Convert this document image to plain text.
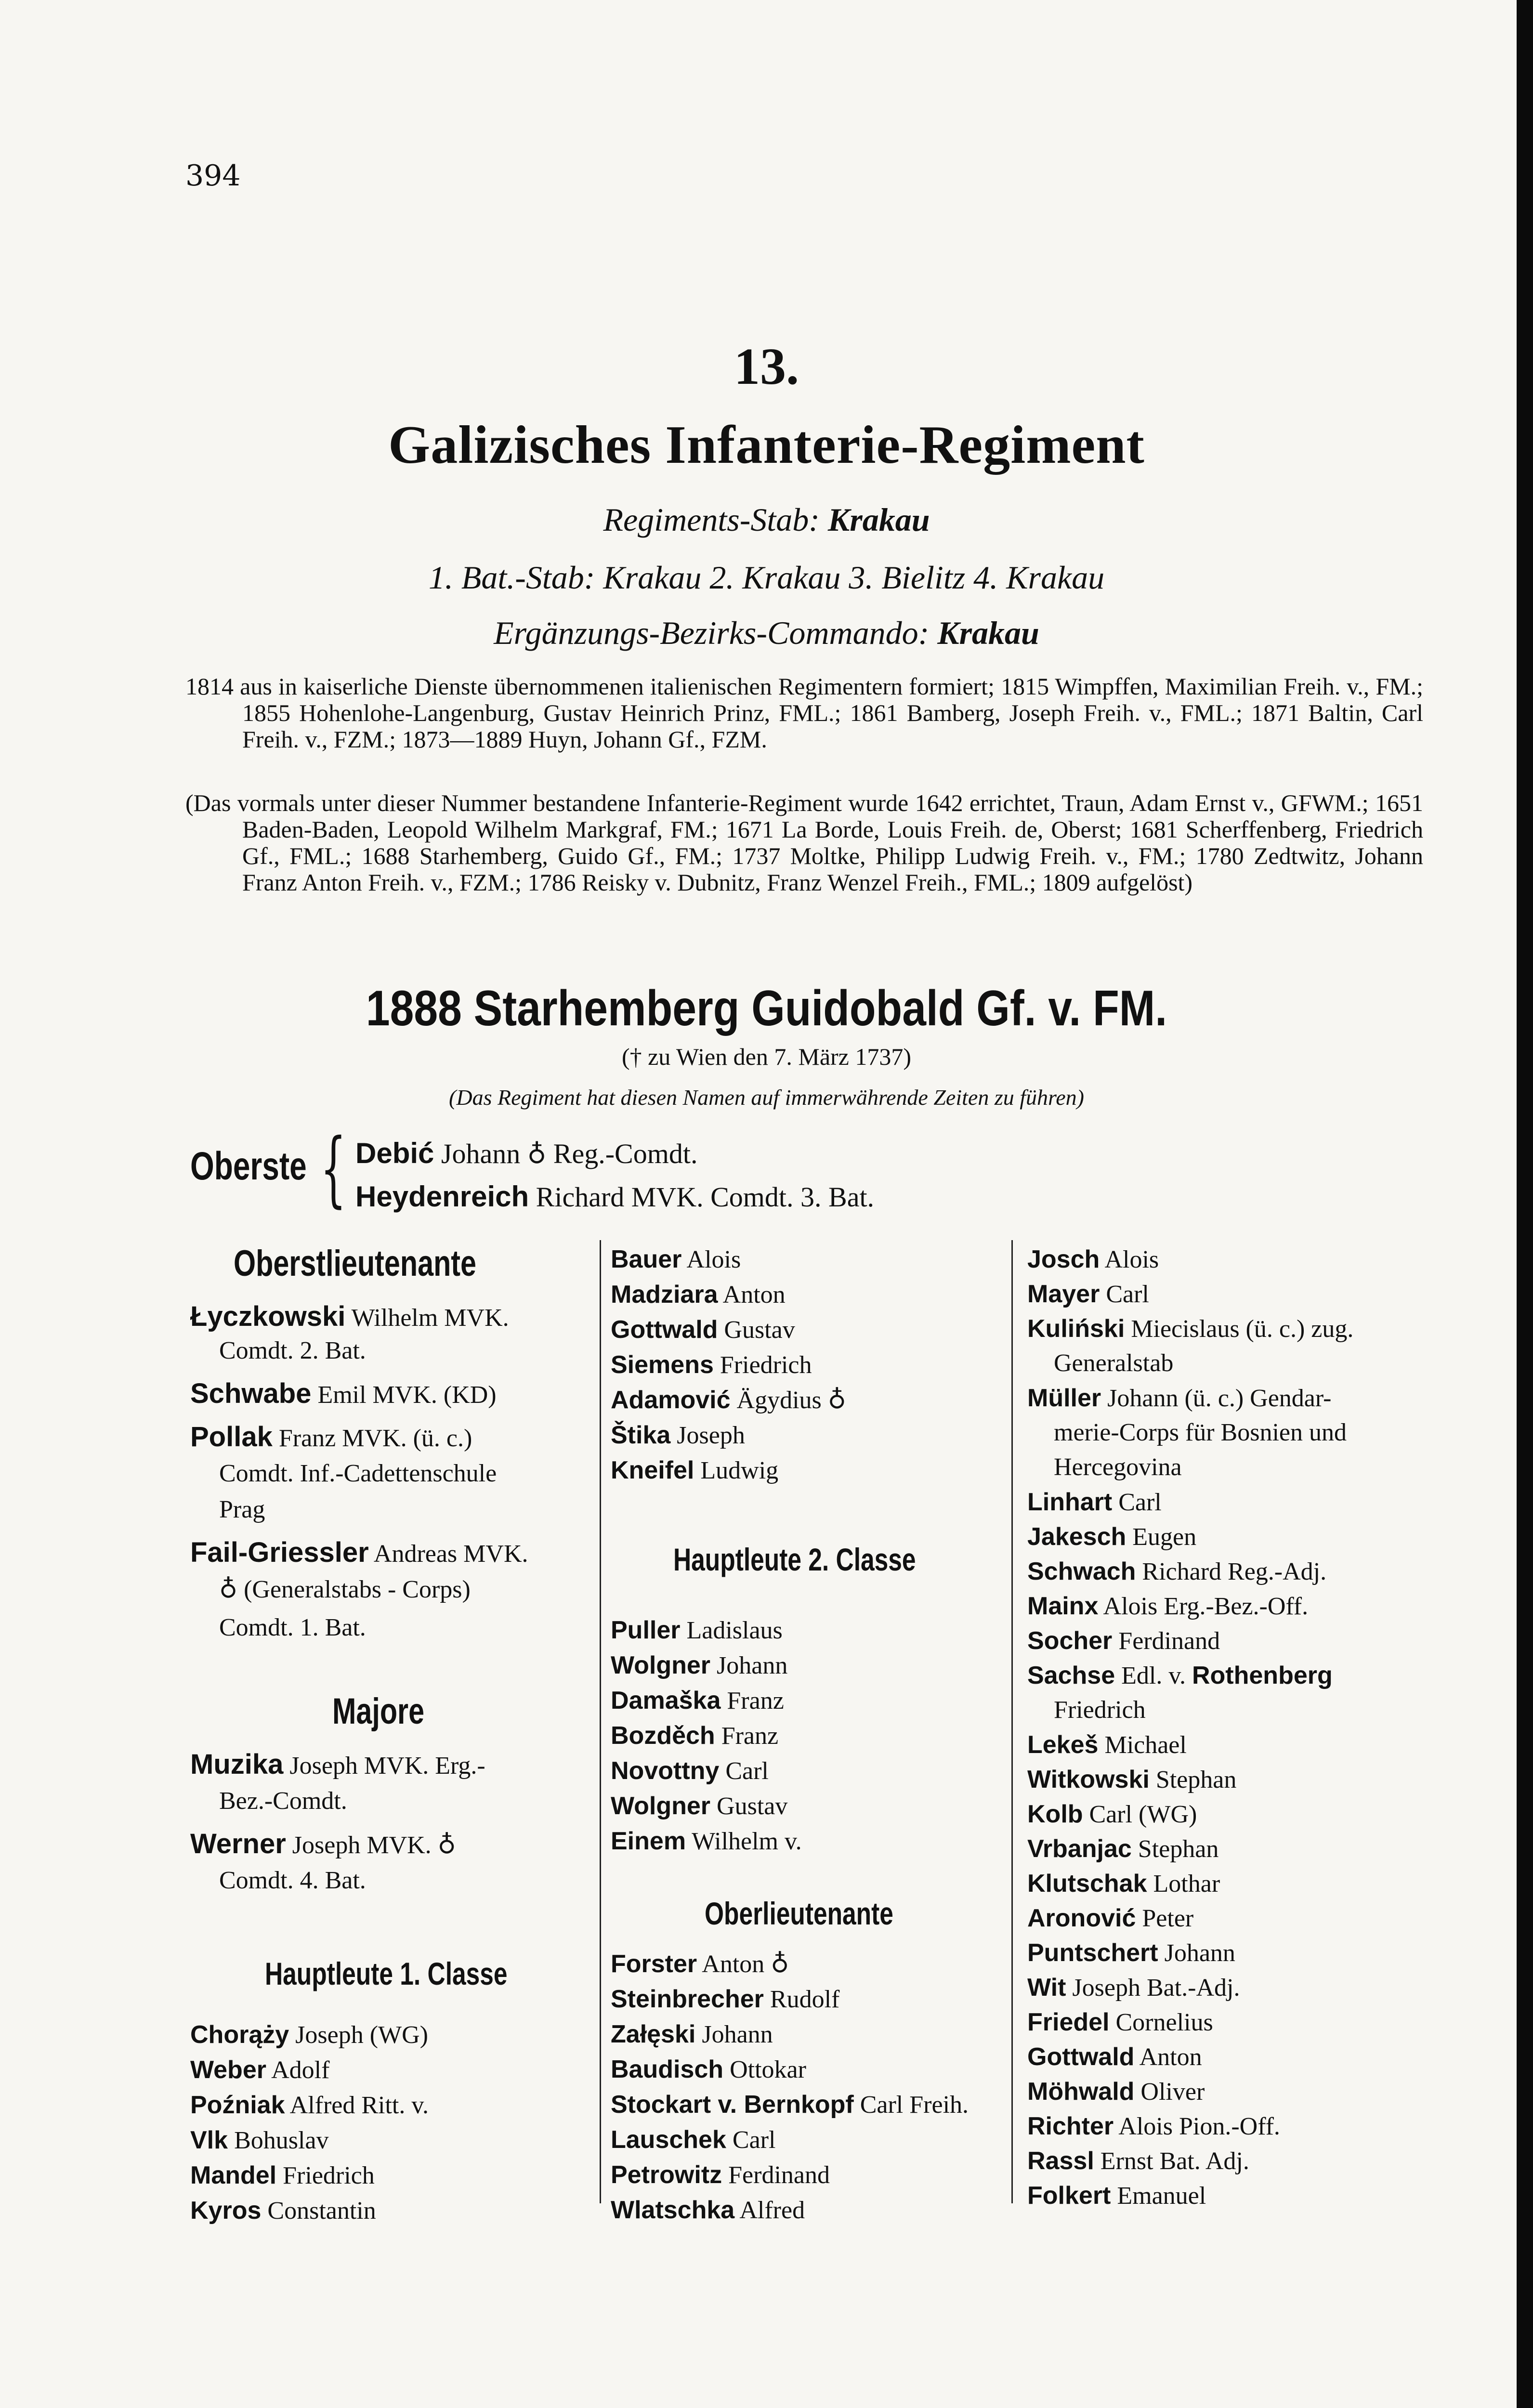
394
13.
Galizisches Infanterie-Regiment
Regiments-Stab: Krakau
1. Bat.-Stab: Krakau 2. Krakau 3. Bielitz 4. Krakau
Ergänzungs-Bezirks-Commando: Krakau

1814 aus in kaiserliche Dienste übernommenen italienischen Regimentern formiert; 1815 Wimpffen, Maximilian Freih. v., FM.; 1855 Hohenlohe-Langenburg, Gustav Heinrich Prinz, FML.; 1861 Bamberg, Joseph Freih. v., FML.; 1871 Baltin, Carl Freih. v., FZM.; 1873—1889 Huyn, Johann Gf., FZM.

(Das vormals unter dieser Nummer bestandene Infanterie-Regiment wurde 1642 errichtet, Traun, Adam Ernst v., GFWM.; 1651 Baden-Baden, Leopold Wilhelm Markgraf, FM.; 1671 La Borde, Louis Freih. de, Oberst; 1681 Scherffenberg, Friedrich Gf., FML.; 1688 Starhemberg, Guido Gf., FM.; 1737 Moltke, Philipp Ludwig Freih. v., FM.; 1780 Zedtwitz, Johann Franz Anton Freih. v., FZM.; 1786 Reisky v. Dubnitz, Franz Wenzel Freih., FML.; 1809 aufgelöst)

1888 Starhemberg Guidobald Gf. v. FM.
(† zu Wien den 7. März 1737)
(Das Regiment hat diesen Namen auf immerwährende Zeiten zu führen)
Oberste { Debić Johann ♁ Reg.-Comdt.
Heydenreich Richard MVK. Comdt. 3. Bat.
Oberstlieutenante
Łyczkowski Wilhelm MVK.
Comdt. 2. Bat.
Schwabe Emil MVK. (KD)
Pollak Franz MVK. (ü. c.)
Comdt. Inf.-Cadettenschule
Prag
Fail-Griessler Andreas MVK.
♁ (Generalstabs - Corps)
Comdt. 1. Bat.
Majore
Muzika Joseph MVK. Erg.-
Bez.-Comdt.
Werner Joseph MVK. ♁
Comdt. 4. Bat.
Hauptleute 1. Classe
Chorąży Joseph (WG)
Weber Adolf
Poźniak Alfred Ritt. v.
Vlk Bohuslav
Mandel Friedrich
Kyros Constantin
Bauer Alois
Madziara Anton
Gottwald Gustav
Siemens Friedrich
Adamović Ägydius ♁
Štika Joseph
Kneifel Ludwig
Hauptleute 2. Classe
Puller Ladislaus
Wolgner Johann
Damaška Franz
Bozděch Franz
Novottny Carl
Wolgner Gustav
Einem Wilhelm v.
Oberlieutenante
Forster Anton ♁
Steinbrecher Rudolf
Załęski Johann
Baudisch Ottokar
Stockart v. Bernkopf Carl Freih.
Lauschek Carl
Petrowitz Ferdinand
Wlatschka Alfred
Josch Alois
Mayer Carl
Kuliński Miecislaus (ü. c.) zug.
Generalstab
Müller Johann (ü. c.) Gendar-
merie-Corps für Bosnien und
Hercegovina
Linhart Carl
Jakesch Eugen
Schwach Richard Reg.-Adj.
Mainx Alois Erg.-Bez.-Off.
Socher Ferdinand
Sachse Edl. v. Rothenberg
Friedrich
Lekeš Michael
Witkowski Stephan
Kolb Carl (WG)
Vrbanjac Stephan
Klutschak Lothar
Aronović Peter
Puntschert Johann
Wit Joseph Bat.-Adj.
Friedel Cornelius
Gottwald Anton
Möhwald Oliver
Richter Alois Pion.-Off.
Rassl Ernst Bat. Adj.
Folkert Emanuel
